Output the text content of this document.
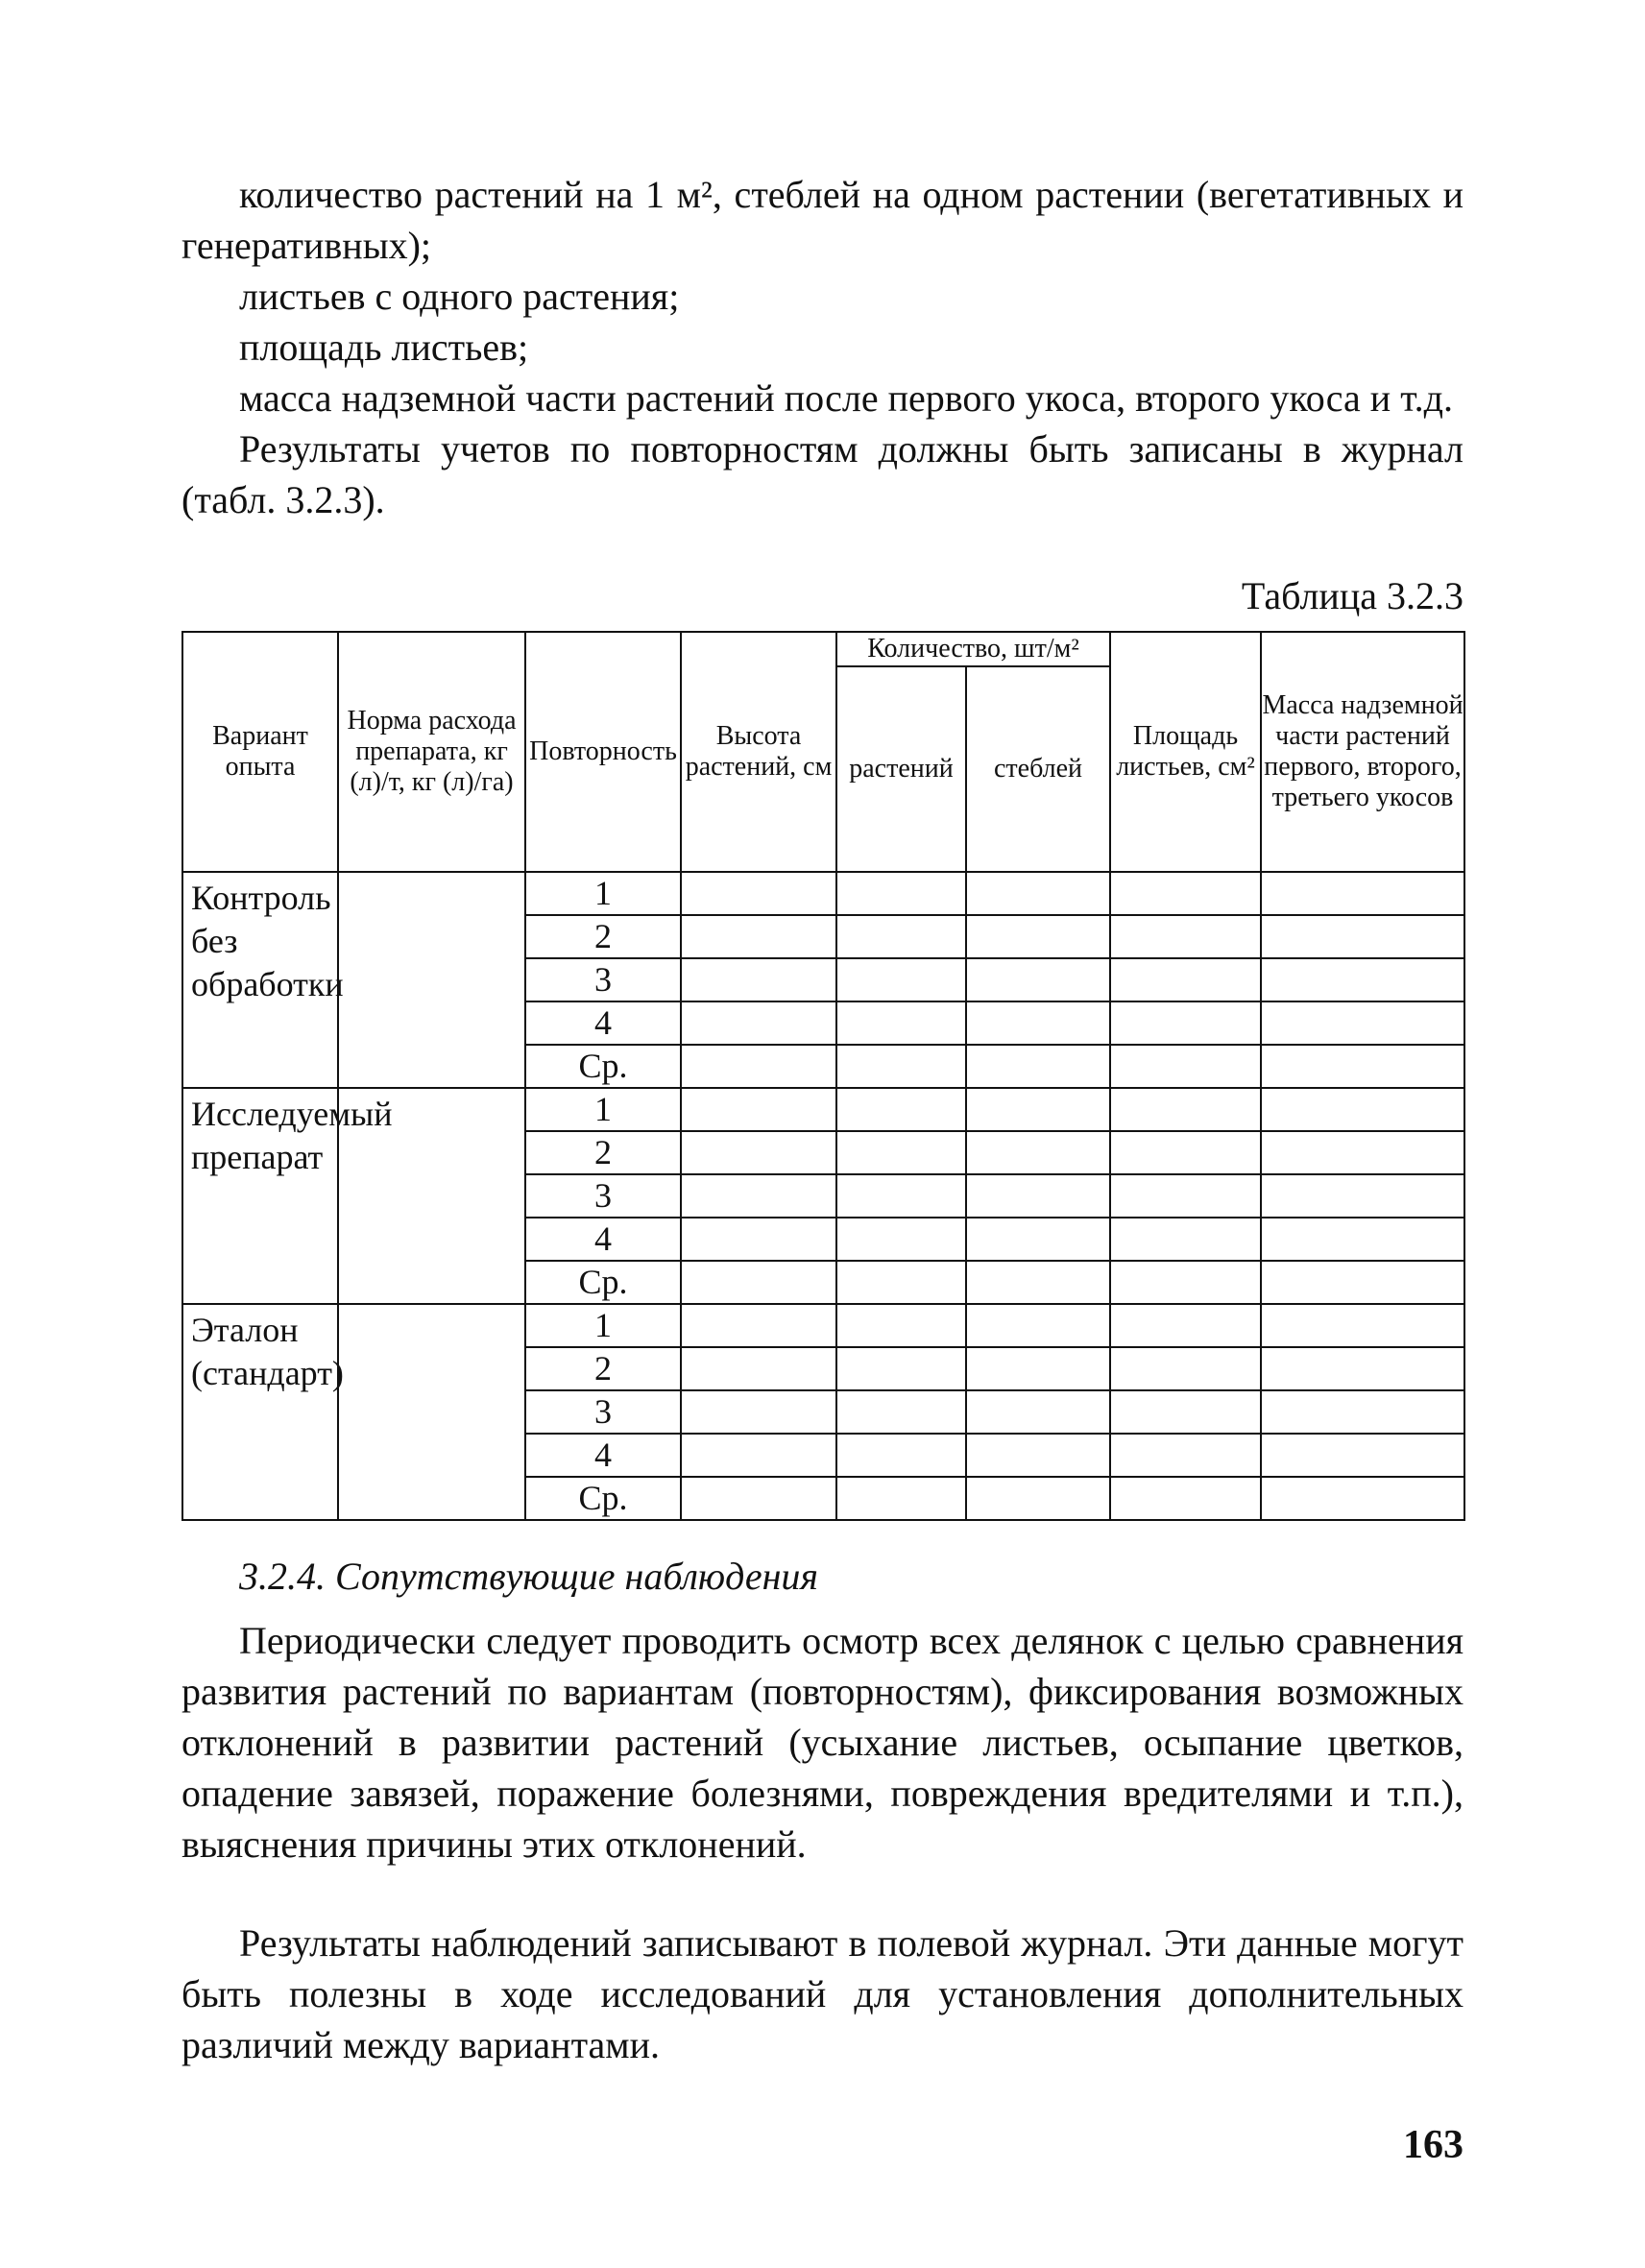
количество растений на 1 м², стеблей на одном растении (вегетативных и генеративных);

листьев с одного растения;

площадь листьев;

масса надземной части растений после первого укоса, второго укоса и т.д.

Результаты учетов по повторностям должны быть записаны в журнал (табл. 3.2.3).

Таблица 3.2.3
Вариант опыта	Норма расхода препарата, кг (л)/т, кг (л)/га)	Повторность	Высота растений, см	Количество, шт/м²		Площадь листьев, см²	Масса надземной части растений первого, второго, третьего укосов
				растений	стеблей		
Контроль без обработки		1					
		2					
		3					
		4					
		Ср.					
Исследуемый препарат		1					
		2					
		3					
		4					
		Ср.					
Эталон (стандарт)		1					
		2					
		3					
		4					
		Ср.					

3.2.4. Сопутствующие наблюдения

Периодически следует проводить осмотр всех делянок с целью сравнения развития растений по вариантам (повторностям), фиксирования возможных отклонений в развитии растений (усыхание листьев, осыпание цветков, опадение завязей, поражение болезнями, повреждения вредителями и т.п.), выяснения причины этих отклонений.

Результаты наблюдений записывают в полевой журнал. Эти данные могут быть полезны в ходе исследований для установления дополнительных различий между вариантами.

163
